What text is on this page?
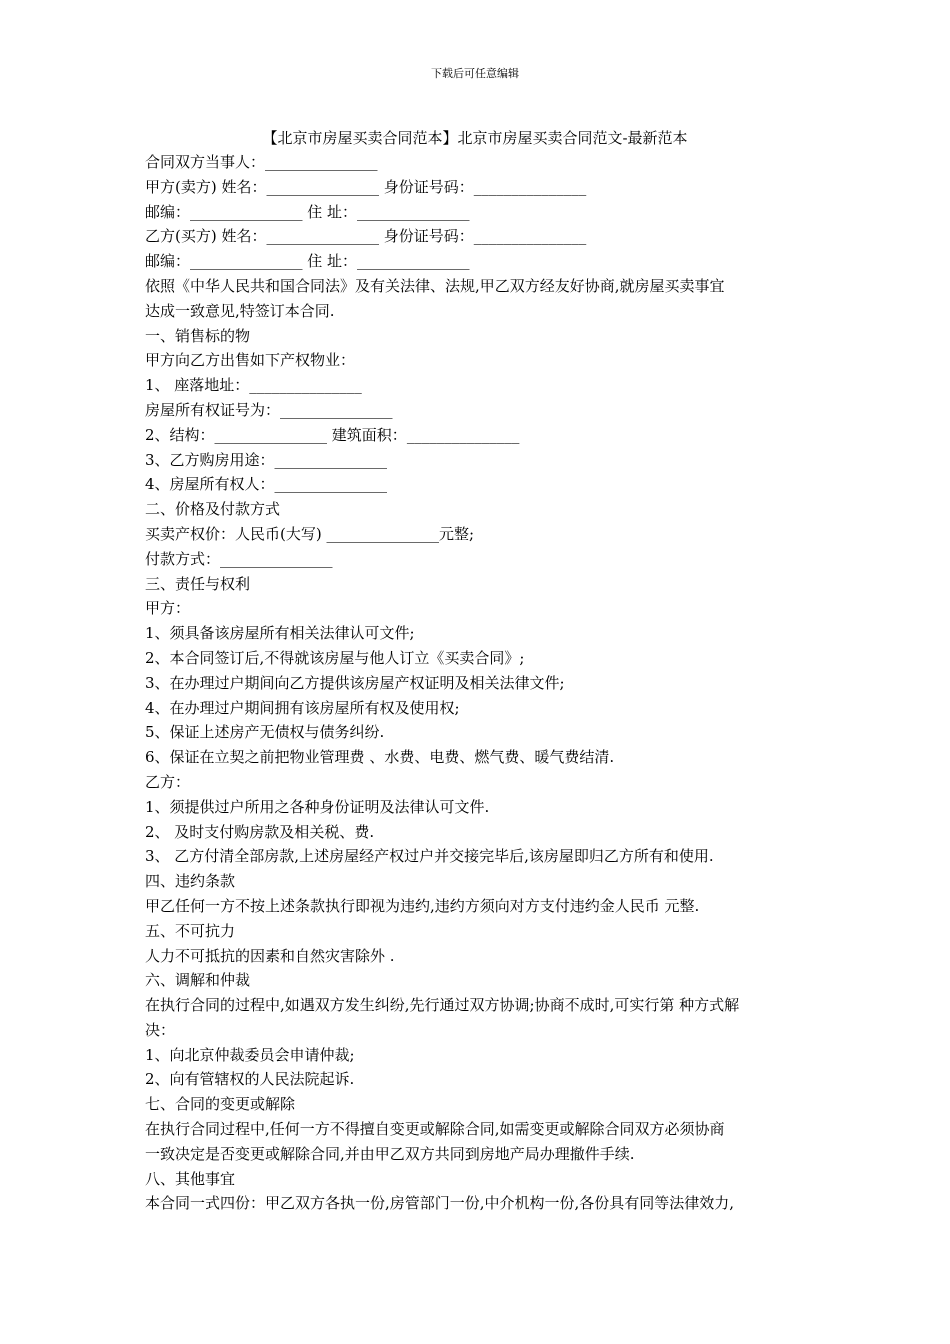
下载后可任意编辑
【北京市房屋买卖合同范本】北京市房屋买卖合同范文-最新范本
合同双方当事人：_______________
甲方(卖方) 姓名：_______________ 身份证号码：_______________
邮编：_______________ 住 址：_______________
乙方(买方) 姓名：_______________ 身份证号码：_______________
邮编：_______________ 住 址：_______________
依照《中华人民共和国合同法》及有关法律、法规,甲乙双方经友好协商,就房屋买卖事宜
达成一致意见,特签订本合同.
一、销售标的物
甲方向乙方出售如下产权物业：
1、 座落地址：_______________
房屋所有权证号为：_______________
2、结构：_______________ 建筑面积：_______________
3、乙方购房用途：_______________
4、房屋所有权人：_______________
二、价格及付款方式
买卖产权价：人民币(大写) _______________元整;
付款方式：_______________
三、责任与权利
甲方：
1、须具备该房屋所有相关法律认可文件;
2、本合同签订后,不得就该房屋与他人订立《买卖合同》;
3、在办理过户期间向乙方提供该房屋产权证明及相关法律文件;
4、在办理过户期间拥有该房屋所有权及使用权;
5、保证上述房产无债权与债务纠纷.
6、保证在立契之前把物业管理费 、水费、电费、燃气费、暖气费结清.
乙方：
1、须提供过户所用之各种身份证明及法律认可文件.
2、 及时支付购房款及相关税、费.
3、 乙方付清全部房款,上述房屋经产权过户并交接完毕后,该房屋即归乙方所有和使用.
四、违约条款
甲乙任何一方不按上述条款执行即视为违约,违约方须向对方支付违约金人民币 元整.
五、不可抗力
人力不可抵抗的因素和自然灾害除外 .
六、调解和仲裁
在执行合同的过程中,如遇双方发生纠纷,先行通过双方协调;协商不成时,可实行第 种方式解
决：
1、向北京仲裁委员会申请仲裁;
2、向有管辖权的人民法院起诉.
七、合同的变更或解除
在执行合同过程中,任何一方不得擅自变更或解除合同,如需变更或解除合同双方必须协商
一致决定是否变更或解除合同,并由甲乙双方共同到房地产局办理撤件手续.
八、其他事宜
本合同一式四份：甲乙双方各执一份,房管部门一份,中介机构一份,各份具有同等法律效力,
